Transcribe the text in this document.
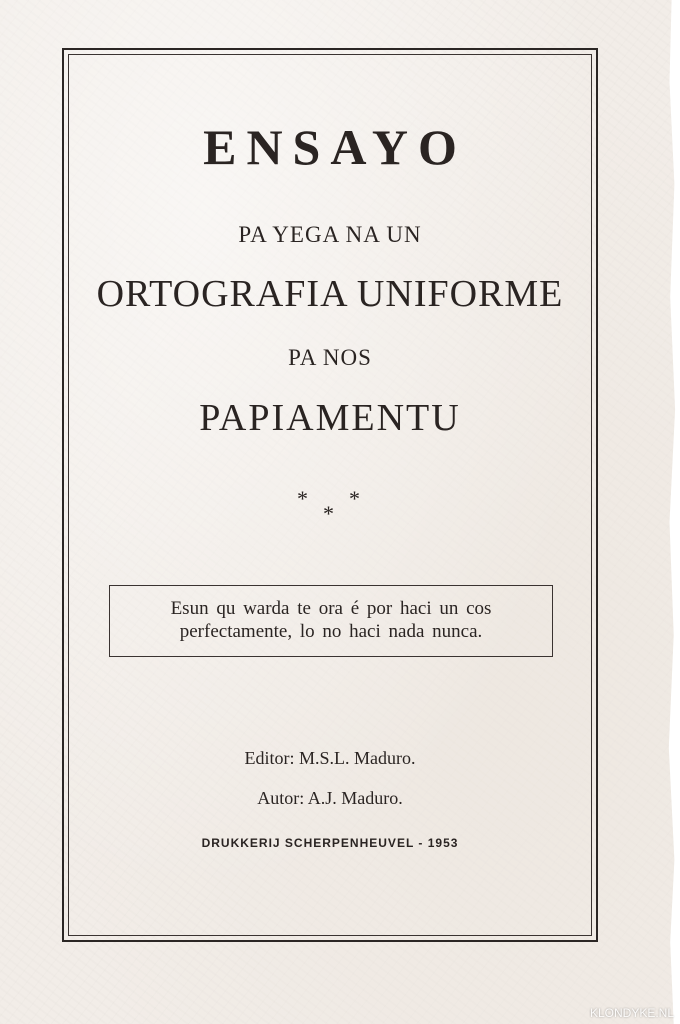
ENSAYO
PA YEGA NA UN
ORTOGRAFIA UNIFORME
PA NOS
PAPIAMENTU
* *
*
Esun qu warda te ora é por haci un cos
perfectamente, lo no haci nada nunca.
Editor: M.S.L. Maduro.
Autor: A.J. Maduro.
DRUKKERIJ SCHERPENHEUVEL - 1953
KLONDYKE.NL
